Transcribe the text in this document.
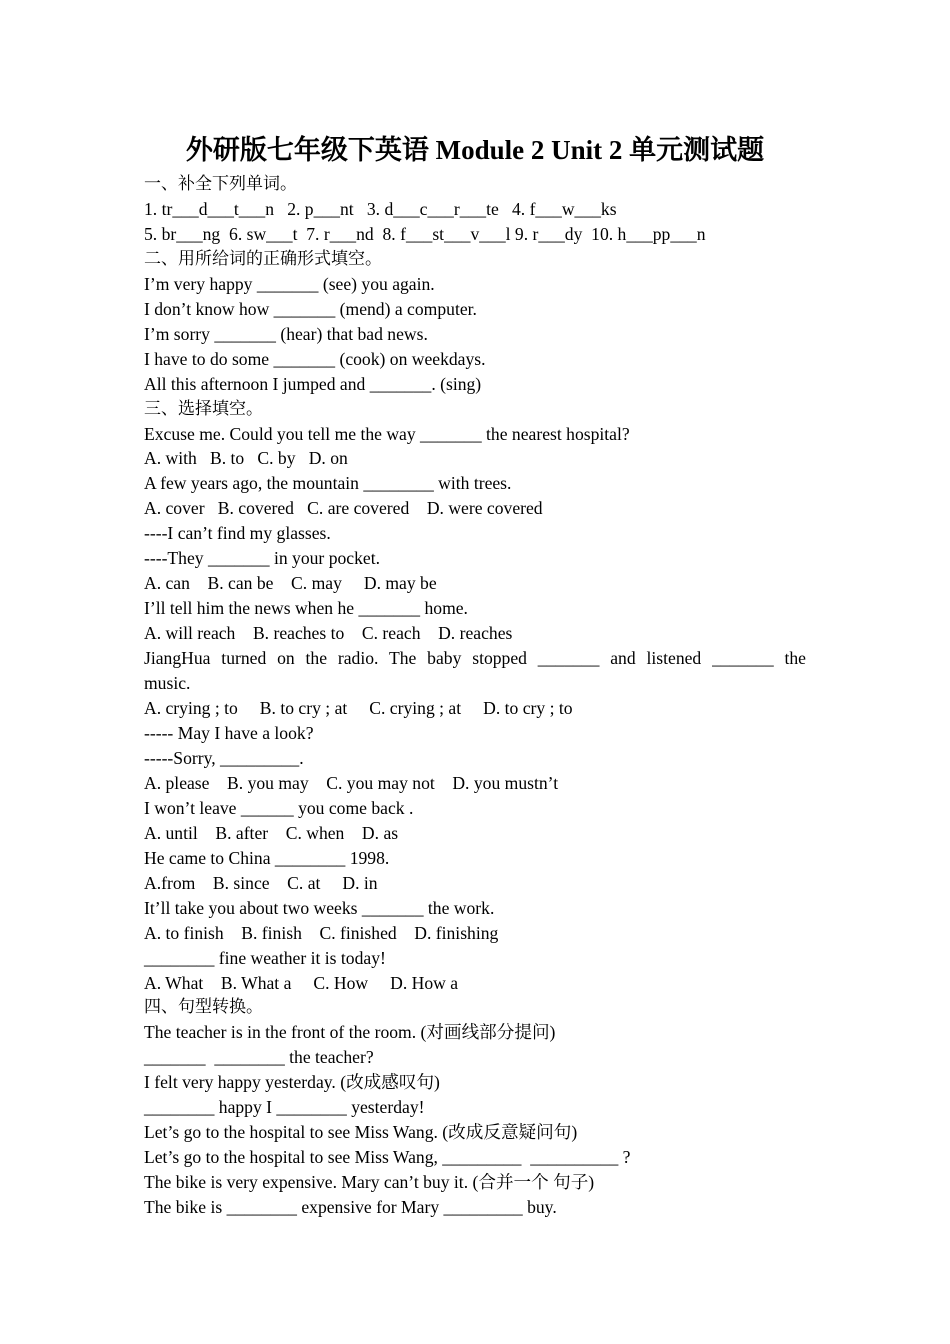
外研版七年级下英语 Module 2 Unit 2 单元测试题

一、补全下列单词。

1. tr___d___t___n   2. p___nt   3. d___c___r___te   4. f___w___ks

5. br___ng  6. sw___t  7. r___nd  8. f___st___v___l 9. r___dy  10. h___pp___n

二、用所给词的正确形式填空。

I’m very happy _______ (see) you again.

I don’t know how _______ (mend) a computer.

I’m sorry _______ (hear) that bad news.

I have to do some _______ (cook) on weekdays.

All this afternoon I jumped and _______. (sing)

三、选择填空。

Excuse me. Could you tell me the way _______ the nearest hospital?

A. with   B. to   C. by   D. on

A few years ago, the mountain ________ with trees.

A. cover   B. covered   C. are covered    D. were covered

----I can’t find my glasses.

----They _______ in your pocket.

A. can    B. can be    C. may     D. may be

I’ll tell him the news when he _______ home.

A. will reach    B. reaches to    C. reach    D. reaches

JiangHua turned on the radio. The baby stopped _______ and listened _______ the

music.

A. crying ; to     B. to cry ; at     C. crying ; at     D. to cry ; to

----- May I have a look?

-----Sorry, _________.

A. please    B. you may    C. you may not    D. you mustn’t

I won’t leave ______ you come back .

A. until    B. after    C. when    D. as

He came to China ________ 1998.

A.from    B. since    C. at     D. in

It’ll take you about two weeks _______ the work.

A. to finish    B. finish    C. finished    D. finishing

________ fine weather it is today!

A. What    B. What a     C. How     D. How a

四、句型转换。

The teacher is in the front of the room. (对画线部分提问)

_______  ________ the teacher?

I felt very happy yesterday. (改成感叹句)

________ happy I ________ yesterday!

Let’s go to the hospital to see Miss Wang. (改成反意疑问句)

Let’s go to the hospital to see Miss Wang, _________  __________ ?

The bike is very expensive. Mary can’t buy it. (合并一个 句子)

The bike is ________ expensive for Mary _________ buy.
